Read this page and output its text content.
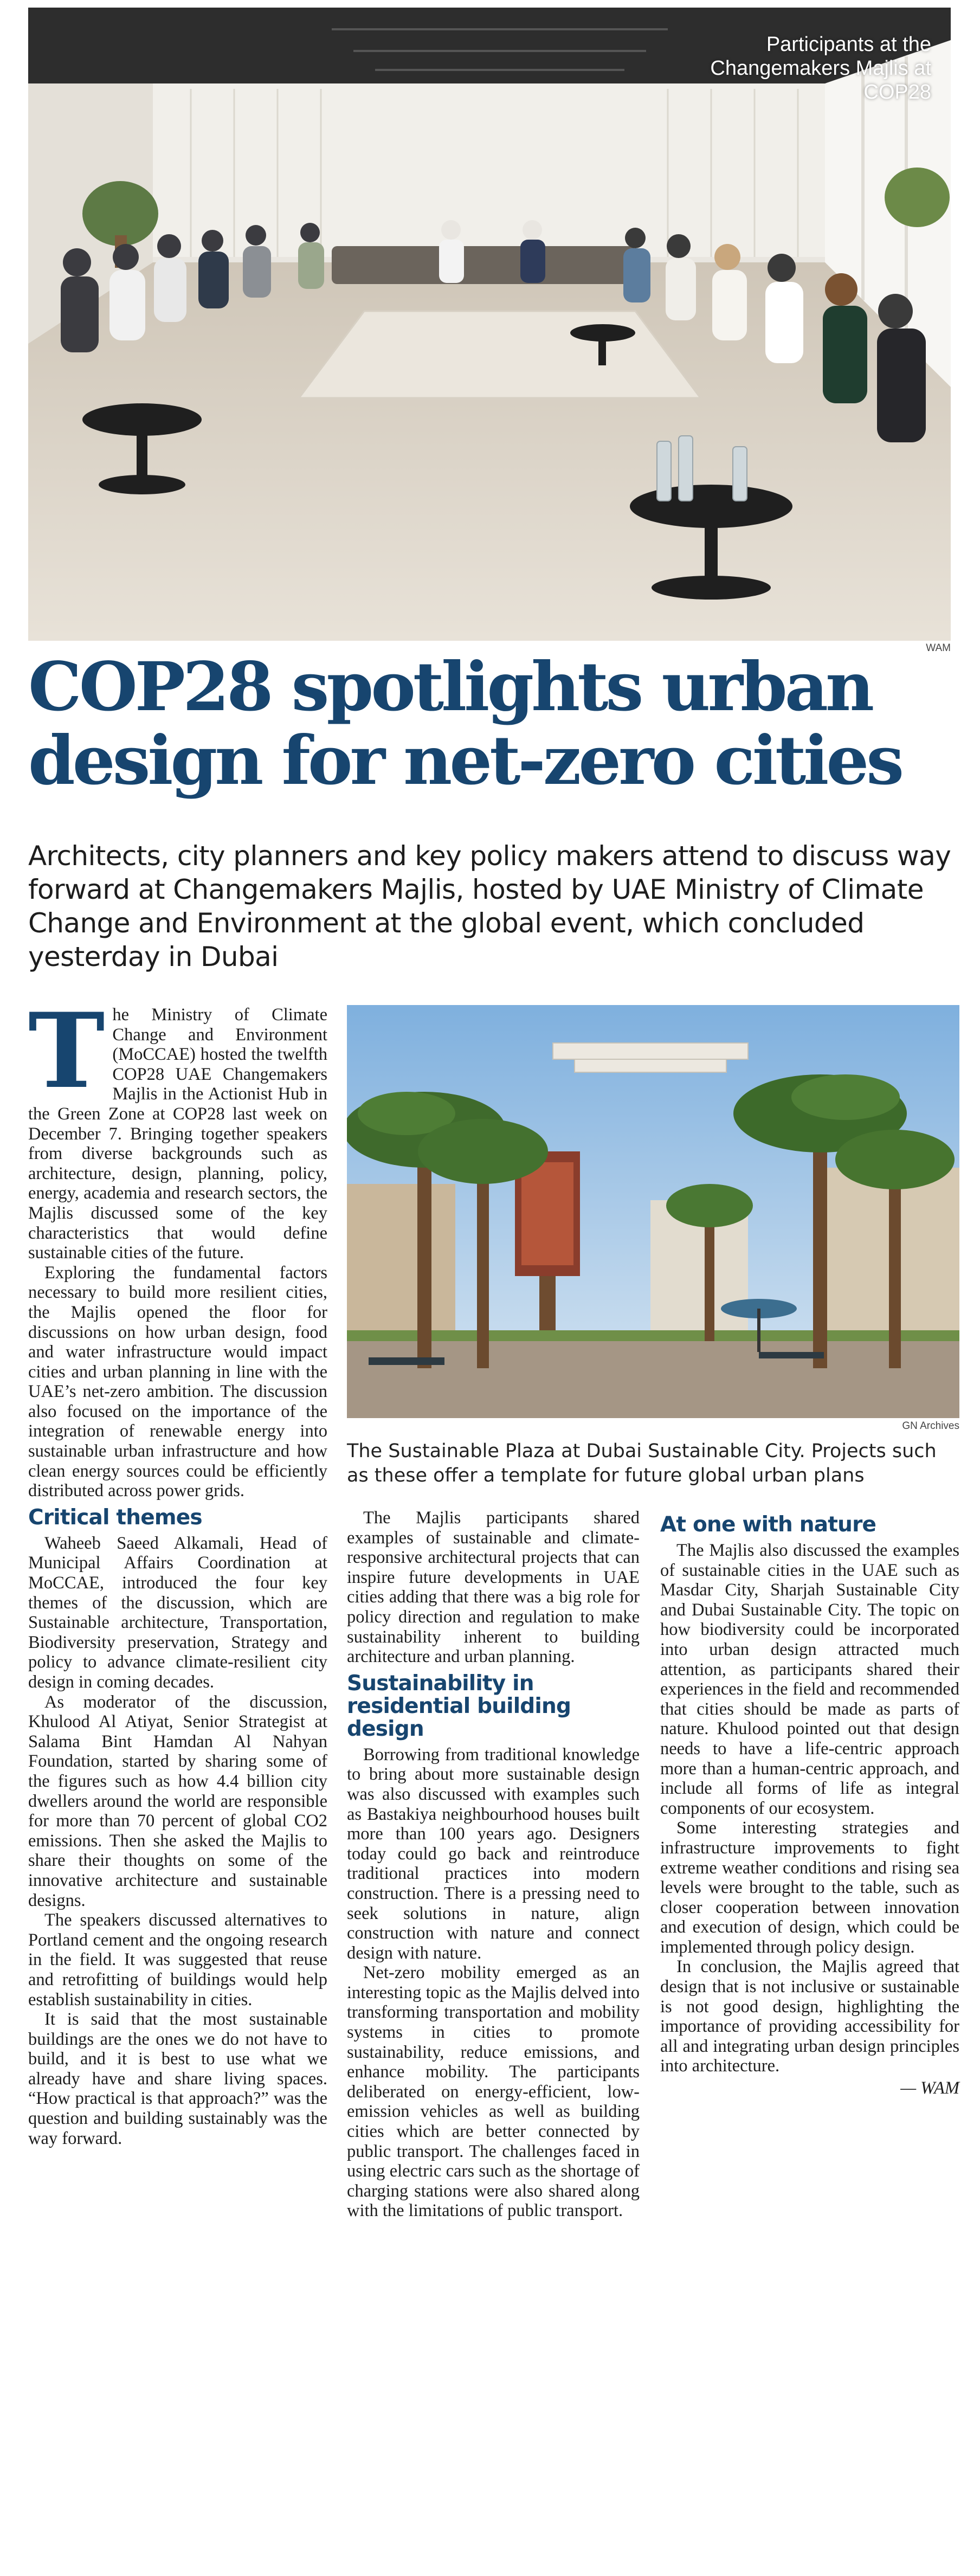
Participants at the Changemakers Majlis at COP28
WAM
COP28 spotlights urban design for net-zero cities

Architects, city planners and key policy makers attend to discuss way forward at Changemakers Majlis, hosted by UAE Ministry of Climate Change and Environment at the global event, which concluded yesterday in Dubai

GN Archives

The Sustainable Plaza at Dubai Sustainable City. Projects such as these offer a template for future global urban plans

The Ministry of Climate Change and Environment (MoCCAE) hosted the twelfth COP28 UAE Changemakers Majlis in the Actionist Hub in the Green Zone at COP28 last week on December 7. Bringing together speakers from diverse backgrounds such as architecture, design, planning, policy, energy, academia and research sectors, the Majlis discussed some of the key characteristics that would define sustainable cities of the future.

Exploring the fundamental factors necessary to build more resilient cities, the Majlis opened the floor for discussions on how urban design, food and water infrastructure would impact cities and urban planning in line with the UAE’s net-zero ambition. The discussion also focused on the importance of the integration of renewable energy into sustainable urban infrastructure and how clean energy sources could be efficiently distributed across power grids.

Critical themes

Waheeb Saeed Alkamali, Head of Municipal Affairs Coordination at MoCCAE, introduced the four key themes of the discussion, which are Sustainable architecture, Transportation, Biodiversity preservation, Strategy and policy to advance climate-resilient city design in coming decades.

As moderator of the discussion, Khulood Al Atiyat, Senior Strategist at Salama Bint Hamdan Al Nahyan Foundation, started by sharing some of the figures such as how 4.4 billion city dwellers around the world are responsible for more than 70 percent of global CO2 emissions. Then she asked the Majlis to share their thoughts on some of the innovative architecture and sustainable designs.

The speakers discussed alternatives to Portland cement and the ongoing research in the field. It was suggested that reuse and retrofitting of buildings would help establish sustainability in cities.

It is said that the most sustainable buildings are the ones we do not have to build, and it is best to use what we already have and share living spaces. “How practical is that approach?” was the question and building sustainably was the way forward.

The Majlis participants shared examples of sustainable and climate-responsive architectural projects that can inspire future developments in UAE cities adding that there was a big role for policy direction and regulation to make sustainability inherent to building architecture and urban planning.

Sustainability in residential building design

Borrowing from traditional knowledge to bring about more sustainable design was also discussed with examples such as Bastakiya neighbourhood houses built more than 100 years ago. Designers today could go back and reintroduce traditional practices into modern construction. There is a pressing need to seek solutions in nature, align construction with nature and connect design with nature.

Net-zero mobility emerged as an interesting topic as the Majlis delved into transforming transportation and mobility systems in cities to promote sustainability, reduce emissions, and enhance mobility. The participants deliberated on energy-efficient, low-emission vehicles as well as building cities which are better connected by public transport. The challenges faced in using electric cars such as the shortage of charging stations were also shared along with the limitations of public transport.

At one with nature

The Majlis also discussed the examples of sustainable cities in the UAE such as Masdar City, Sharjah Sustainable City and Dubai Sustainable City. The topic on how biodiversity could be incorporated into urban design attracted much attention, as participants shared their experiences in the field and recommended that cities should be made as parts of nature. Khulood pointed out that design needs to have a life-centric approach more than a human-centric approach, and include all forms of life as integral components of our ecosystem.

Some interesting strategies and infrastructure improvements to fight extreme weather conditions and rising sea levels were brought to the table, such as closer cooperation between innovation and execution of design, which could be implemented through policy design.

In conclusion, the Majlis agreed that design that is not inclusive or sustainable is not good design, highlighting the importance of providing accessibility for all and integrating urban design principles into architecture.

— WAM
